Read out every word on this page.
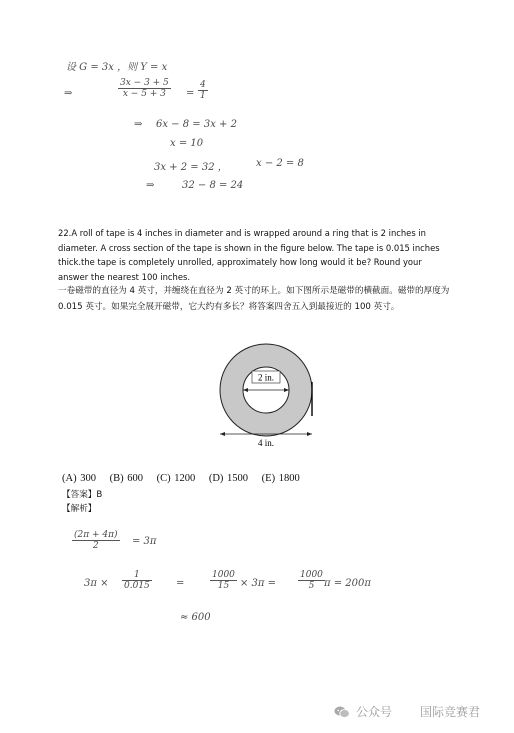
设 G = 3x ，则 Y = x
⇒	$\frac{3x - 3 + 5}{x - 5 + 3} = \frac{4}{1}$
⇒ 6x − 8 = 3x + 2
x = 10
3x + 2 = 32 ，	x − 2 = 8
⇒	32 − 8 = 24
22.A roll of tape is 4 inches in diameter and is wrapped around a ring that is 2 inches in diameter. A cross section of the tape is shown in the figure below. The tape is 0.015 inches thick.the tape is completely unrolled, approximately how long would it be? Round your answer the nearest 100 inches.
一卷磁带的直径为 4 英寸，并缠绕在直径为 2 英寸的环上。如下图所示是磁带的横截面。磁带的厚度为 0.015 英寸。如果完全展开磁带，它大约有多长？将答案四舍五入到最接近的 100 英寸。
2 in.
4 in.
(A) 300 (B) 600 (C) 1200 (D) 1500 (E) 1800
【答案】B
【解析】
$\frac{(2\pi + 4\pi)}{2} = 3\pi$
$3\pi \times \frac{1}{0.015}$ =	$\frac{1000}{15} \times 3\pi = \frac{1000}{5}$ π = 200π
≈ 600
公众号 国际竞赛君
